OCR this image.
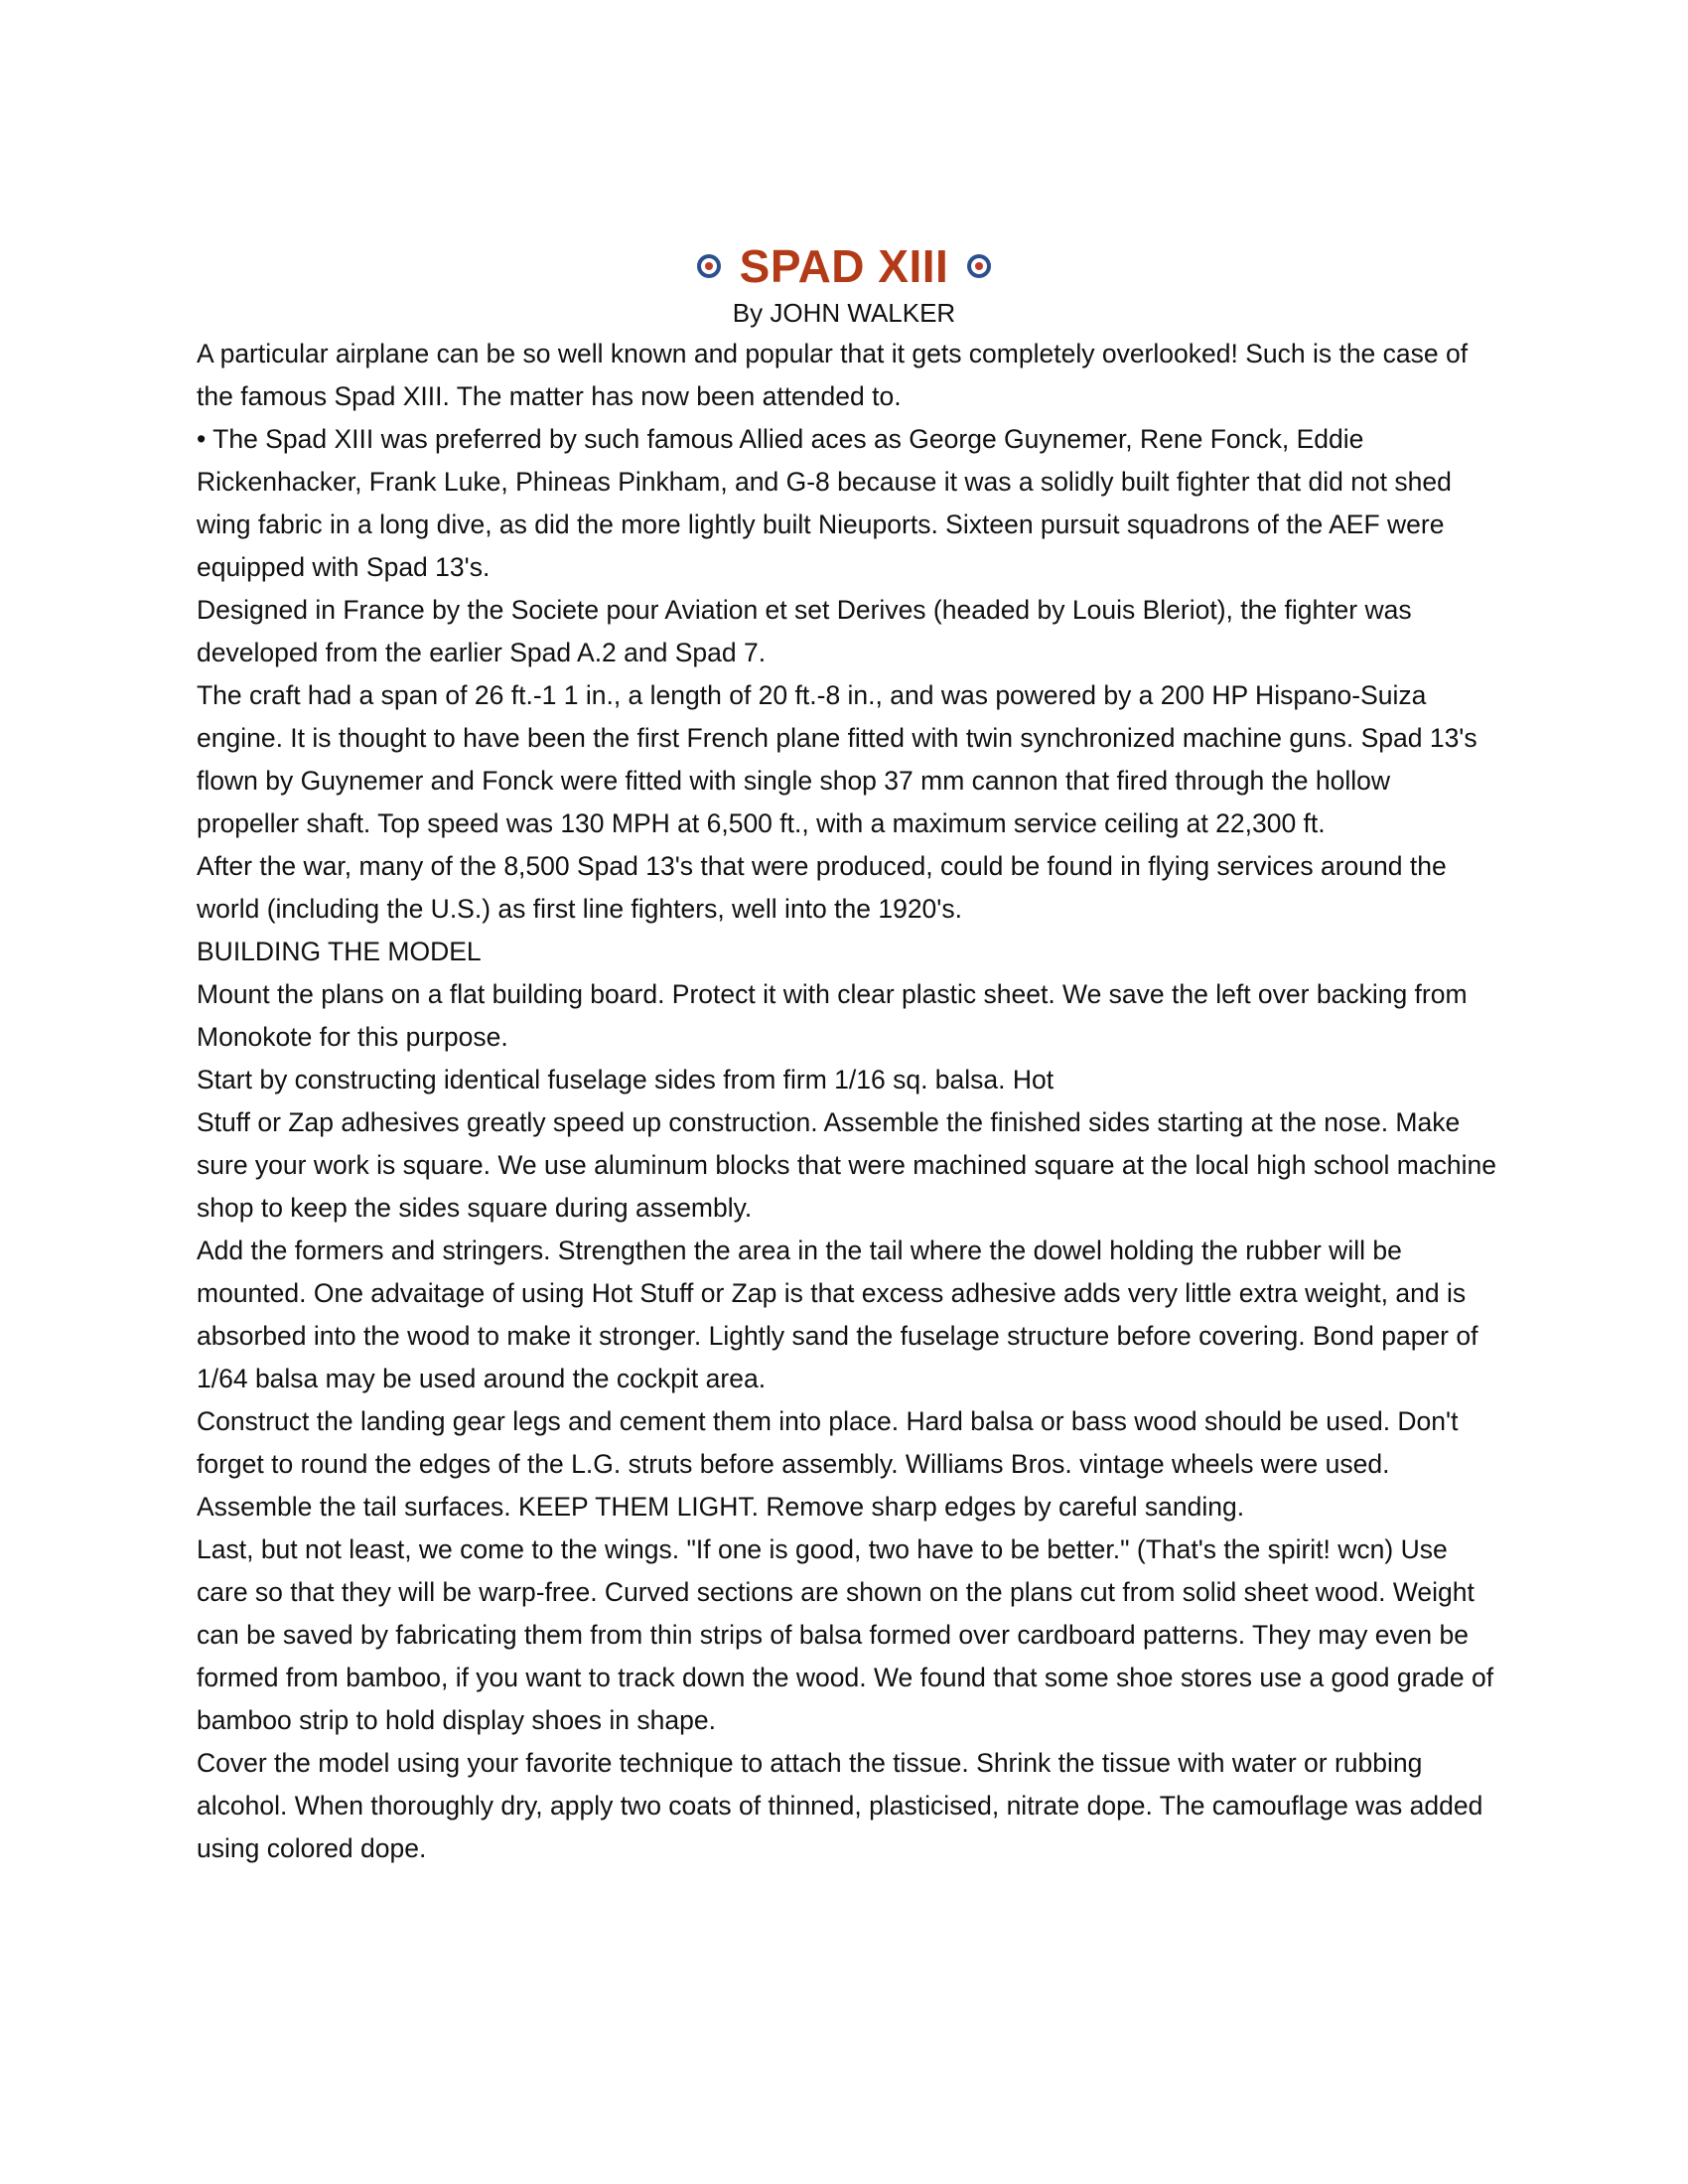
SPAD XIII
By JOHN WALKER

A particular airplane can be so well known and popular that it gets completely overlooked! Such is the case of the famous Spad XIII. The matter has now been attended to.

• The Spad XIII was preferred by such famous Allied aces as George Guynemer, Rene Fonck, Eddie Rickenhacker, Frank Luke, Phineas Pinkham, and G-8 because it was a solidly built fighter that did not shed wing fabric in a long dive, as did the more lightly built Nieuports. Sixteen pursuit squadrons of the AEF were equipped with Spad 13's.

Designed in France by the Societe pour Aviation et set Derives (headed by Louis Bleriot), the fighter was developed from the earlier Spad A.2 and Spad 7.

The craft had a span of 26 ft.-1 1 in., a length of 20 ft.-8 in., and was powered by a 200 HP Hispano-Suiza engine. It is thought to have been the first French plane fitted with twin synchronized machine guns. Spad 13's flown by Guynemer and Fonck were fitted with single shop 37 mm cannon that fired through the hollow propeller shaft. Top speed was 130 MPH at 6,500 ft., with a maximum service ceiling at 22,300 ft.

After the war, many of the 8,500 Spad 13's that were produced, could be found in flying services around the world (including the U.S.) as first line fighters, well into the 1920's.

BUILDING THE MODEL

Mount the plans on a flat building board. Protect it with clear plastic sheet. We save the left over backing from Monokote for this purpose.

Start by constructing identical fuselage sides from firm 1/16 sq. balsa. Hot

Stuff or Zap adhesives greatly speed up construction. Assemble the finished sides starting at the nose. Make sure your work is square. We use aluminum blocks that were machined square at the local high school machine shop to keep the sides square during assembly.

Add the formers and stringers. Strengthen the area in the tail where the dowel holding the rubber will be mounted. One advaitage of using Hot Stuff or Zap is that excess adhesive adds very little extra weight, and is absorbed into the wood to make it stronger. Lightly sand the fuselage structure before covering. Bond paper of 1/64 balsa may be used around the cockpit area.

Construct the landing gear legs and cement them into place. Hard balsa or bass wood should be used. Don't forget to round the edges of the L.G. struts before assembly. Williams Bros. vintage wheels were used.

Assemble the tail surfaces. KEEP THEM LIGHT. Remove sharp edges by careful sanding.

Last, but not least, we come to the wings. "If one is good, two have to be better." (That's the spirit! wcn) Use care so that they will be warp-free. Curved sections are shown on the plans cut from solid sheet wood. Weight can be saved by fabricating them from thin strips of balsa formed over cardboard patterns. They may even be formed from bamboo, if you want to track down the wood. We found that some shoe stores use a good grade of bamboo strip to hold display shoes in shape.

Cover the model using your favorite technique to attach the tissue. Shrink the tissue with water or rubbing alcohol. When thoroughly dry, apply two coats of thinned, plasticised, nitrate dope. The camouflage was added using colored dope.
